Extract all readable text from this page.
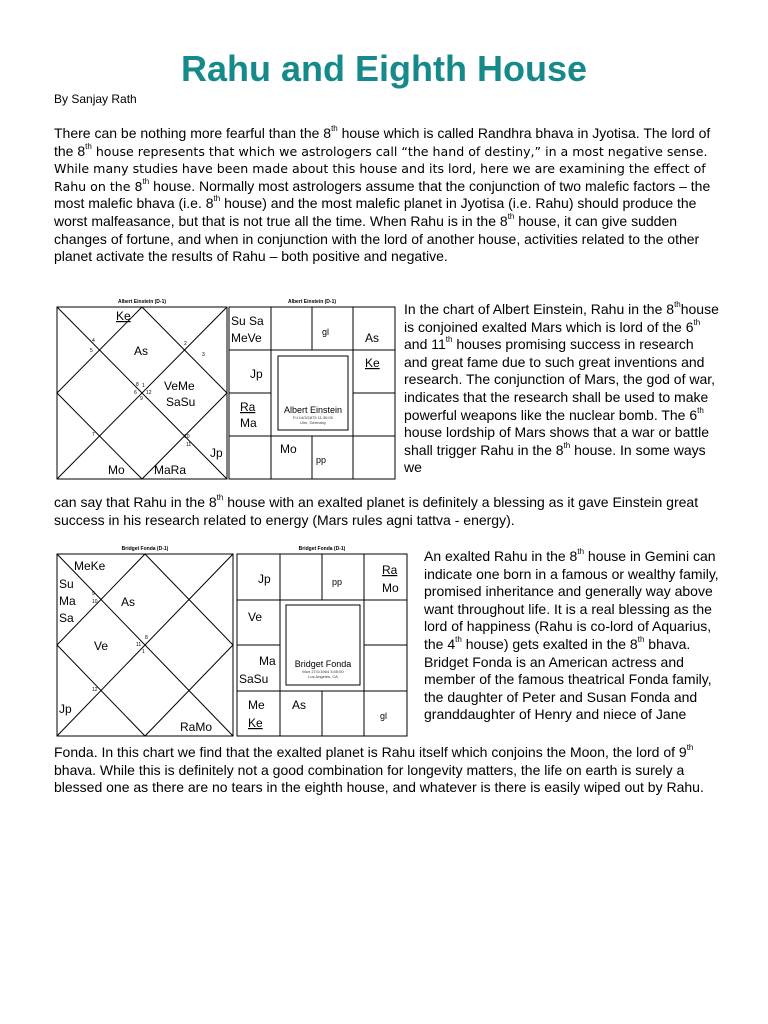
Rahu and Eighth House
By Sanjay Rath

There can be nothing more fearful than the 8th house which is called Randhra bhava in Jyotisa. The lord of the 8th house represents that which we astrologers call “the hand of destiny,” in a most negative sense. While many studies have been made about this house and its lord, here we are examining the effect of Rahu on the 8th house. Normally most astrologers assume that the conjunction of two malefic factors – the most malefic bhava (i.e. 8th house) and the most malefic planet in Jyotisa (i.e. Rahu) should produce the worst malfeasance, but that is not true all the time. When Rahu is in the 8th house, it can give sudden changes of fortune, and when in conjunction with the lord of another house, activities related to the other planet activate the results of Rahu – both positive and negative.

Albert Einstein (D-1)
Ke
As
VeMe
SaSu
Jp
Mo MaRa
1
2
3
4
5
6
7
8
9
10
11
12
Albert Einstein (D-1)
Su Sa
MeVe	gl	As
Ke
Jp
Ra
Ma
Mo
pp
Albert Einstein
Fri 14/3/1879 11:30:00
Ulm, Germany

In the chart of Albert Einstein, Rahu in the 8thhouse is conjoined exalted Mars which is lord of the 6th and 11th houses promising success in research and great fame due to such great inventions and research. The conjunction of Mars, the god of war, indicates that the research shall be used to make powerful weapons like the nuclear bomb. The 6th house lordship of Mars shows that a war or battle shall trigger Rahu in the 8th house. In some ways we

can say that Rahu in the 8th house with an exalted planet is definitely a blessing as it gave Einstein great success in his research related to energy (Mars rules agni tattva - energy).

Bridget Fonda (D-1)
MeKe
Su
Ma
Sa
As
Ve
Jp
RaMo
8
9
10
11
12
1
Bridget Fonda (D-1)
Jp	pp
Ra
Mo
Ve
Ma
SaSu
Me
Ke
As
gl
Bridget Fonda
Mon 27/1/1964 3:45:00
Los Angeles, CA

An exalted Rahu in the 8th house in Gemini can indicate one born in a famous or wealthy family, promised inheritance and generally way above want throughout life. It is a real blessing as the lord of happiness (Rahu is co-lord of Aquarius, the 4th house) gets exalted in the 8th bhava. Bridget Fonda is an American actress and member of the famous theatrical Fonda family, the daughter of Peter and Susan Fonda and granddaughter of Henry and niece of Jane

Fonda. In this chart we find that the exalted planet is Rahu itself which conjoins the Moon, the lord of 9th bhava. While this is definitely not a good combination for longevity matters, the life on earth is surely a blessed one as there are no tears in the eighth house, and whatever is there is easily wiped out by Rahu.
